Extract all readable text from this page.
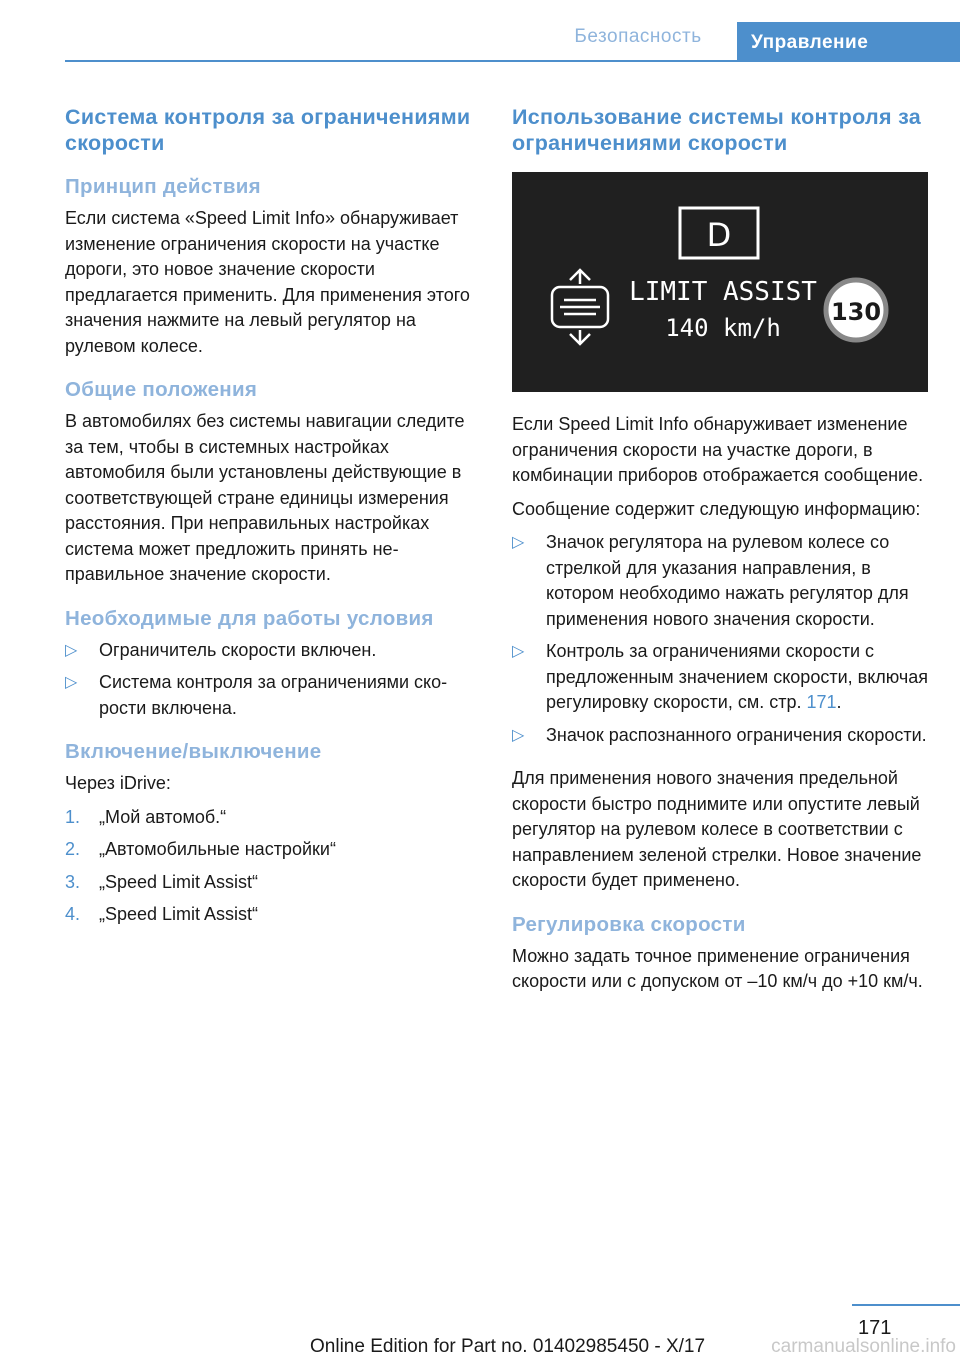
Безопасность	Управление
Система контроля за ограничениями скорости
Принцип действия

Если система «Speed Limit Info» обнаруживает изменение ограничения скорости на участке дороги, это новое значение скорости предлагается применить. Для применения этого значения нажмите на левый регулятор на рулевом колесе.

Общие положения

В автомобилях без системы навигации следите за тем, чтобы в системных настройках автомобиля были установлены действующие в соответствующей стране единицы измерения расстояния. При неправильных настройках система может предложить принять неправильное значение скорости.

Необходимые для работы условия
▷ Ограничитель скорости включен.
▷ Система контроля за ограничениями скорости включена.
Включение/выключение

Через iDrive:

1. „Мой автомоб.“
2. „Автомобильные настройки“
3. „Speed Limit Assist“
4. „Speed Limit Assist“
Использование системы контроля за ограничениями скорости
D
LIMIT ASSIST
140 km/h
130

Если Speed Limit Info обнаруживает изменение ограничения скорости на участке дороги, в комбинации приборов отображается сообщение.

Сообщение содержит следующую информацию:

▷ Значок регулятора на рулевом колесе со стрелкой для указания направления, в котором необходимо нажать регулятор для применения нового значения скорости.
▷ Контроль за ограничениями скорости с предложенным значением скорости, включая регулировку скорости, см. стр. 171.
▷ Значок распознанного ограничения скорости.

Для применения нового значения предельной скорости быстро поднимите или опустите левый регулятор на рулевом колесе в соответствии с направлением зеленой стрелки. Новое значение скорости будет применено.

Регулировка скорости

Можно задать точное применение ограничения скорости или с допуском от –10 км/ч до +10 км/ч.

171
Online Edition for Part no. 01402985450 - X/17	carmanualsonline.info
